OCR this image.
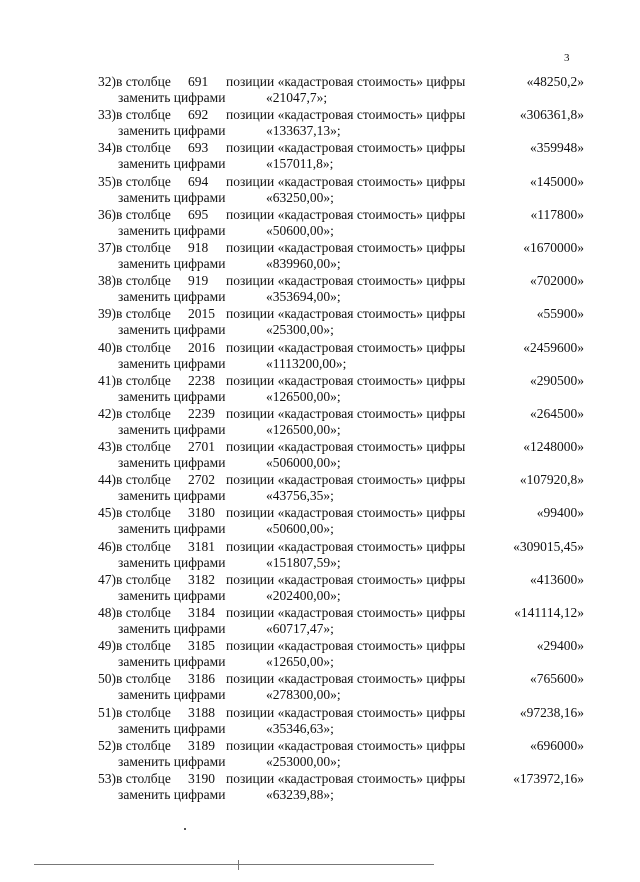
3
32)в столбце 691 позиции «кадастровая стоимость» цифры	«48250,2»
заменить цифрами	«21047,7»;
33)в столбце 692 позиции «кадастровая стоимость» цифры	«306361,8»
заменить цифрами	«133637,13»;
34)в столбце 693 позиции «кадастровая стоимость» цифры	«359948»
заменить цифрами	«157011,8»;
35)в столбце 694 позиции «кадастровая стоимость» цифры	«145000»
заменить цифрами	«63250,00»;
36)в столбце 695 позиции «кадастровая стоимость» цифры	«117800»
заменить цифрами	«50600,00»;
37)в столбце 918 позиции «кадастровая стоимость» цифры	«1670000»
заменить цифрами	«839960,00»;
38)в столбце 919 позиции «кадастровая стоимость» цифры	«702000»
заменить цифрами	«353694,00»;
39)в столбце 2015 позиции «кадастровая стоимость» цифры	«55900»
заменить цифрами	«25300,00»;
40)в столбце 2016 позиции «кадастровая стоимость» цифры	«2459600»
заменить цифрами	«1113200,00»;
41)в столбце 2238 позиции «кадастровая стоимость» цифры	«290500»
заменить цифрами	«126500,00»;
42)в столбце 2239 позиции «кадастровая стоимость» цифры	«264500»
заменить цифрами	«126500,00»;
43)в столбце 2701 позиции «кадастровая стоимость» цифры	«1248000»
заменить цифрами	«506000,00»;
44)в столбце 2702 позиции «кадастровая стоимость» цифры	«107920,8»
заменить цифрами	«43756,35»;
45)в столбце 3180 позиции «кадастровая стоимость» цифры	«99400»
заменить цифрами	«50600,00»;
46)в столбце 3181 позиции «кадастровая стоимость» цифры	«309015,45»
заменить цифрами	«151807,59»;
47)в столбце 3182 позиции «кадастровая стоимость» цифры	«413600»
заменить цифрами	«202400,00»;
48)в столбце 3184 позиции «кадастровая стоимость» цифры	«141114,12»
заменить цифрами	«60717,47»;
49)в столбце 3185 позиции «кадастровая стоимость» цифры	«29400»
заменить цифрами	«12650,00»;
50)в столбце 3186 позиции «кадастровая стоимость» цифры	«765600»
заменить цифрами	«278300,00»;
51)в столбце 3188 позиции «кадастровая стоимость» цифры	«97238,16»
заменить цифрами	«35346,63»;
52)в столбце 3189 позиции «кадастровая стоимость» цифры	«696000»
заменить цифрами	«253000,00»;
53)в столбце 3190 позиции «кадастровая стоимость» цифры	«173972,16»
заменить цифрами	«63239,88»;
